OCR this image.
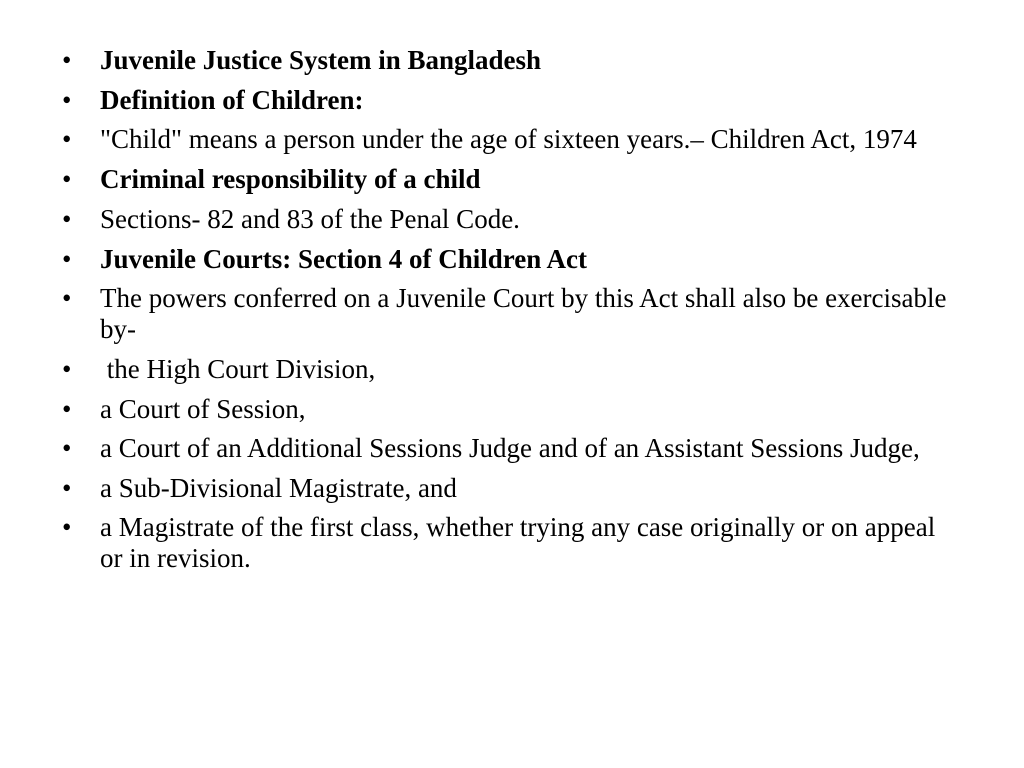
• Juvenile Justice System in Bangladesh
• Definition of Children:
• "Child" means a person under the age of sixteen years.– Children Act, 1974
• Criminal responsibility of a child
• Sections- 82 and 83 of the Penal Code.
• Juvenile Courts: Section 4 of Children Act
• The powers conferred on a Juvenile Court by this Act shall also be exercisable by-
• the High Court Division,
• a Court of Session,
• a Court of an Additional Sessions Judge and of an Assistant Sessions Judge,
• a Sub-Divisional Magistrate, and
• a Magistrate of the first class, whether trying any case originally or on appeal or in revision.
